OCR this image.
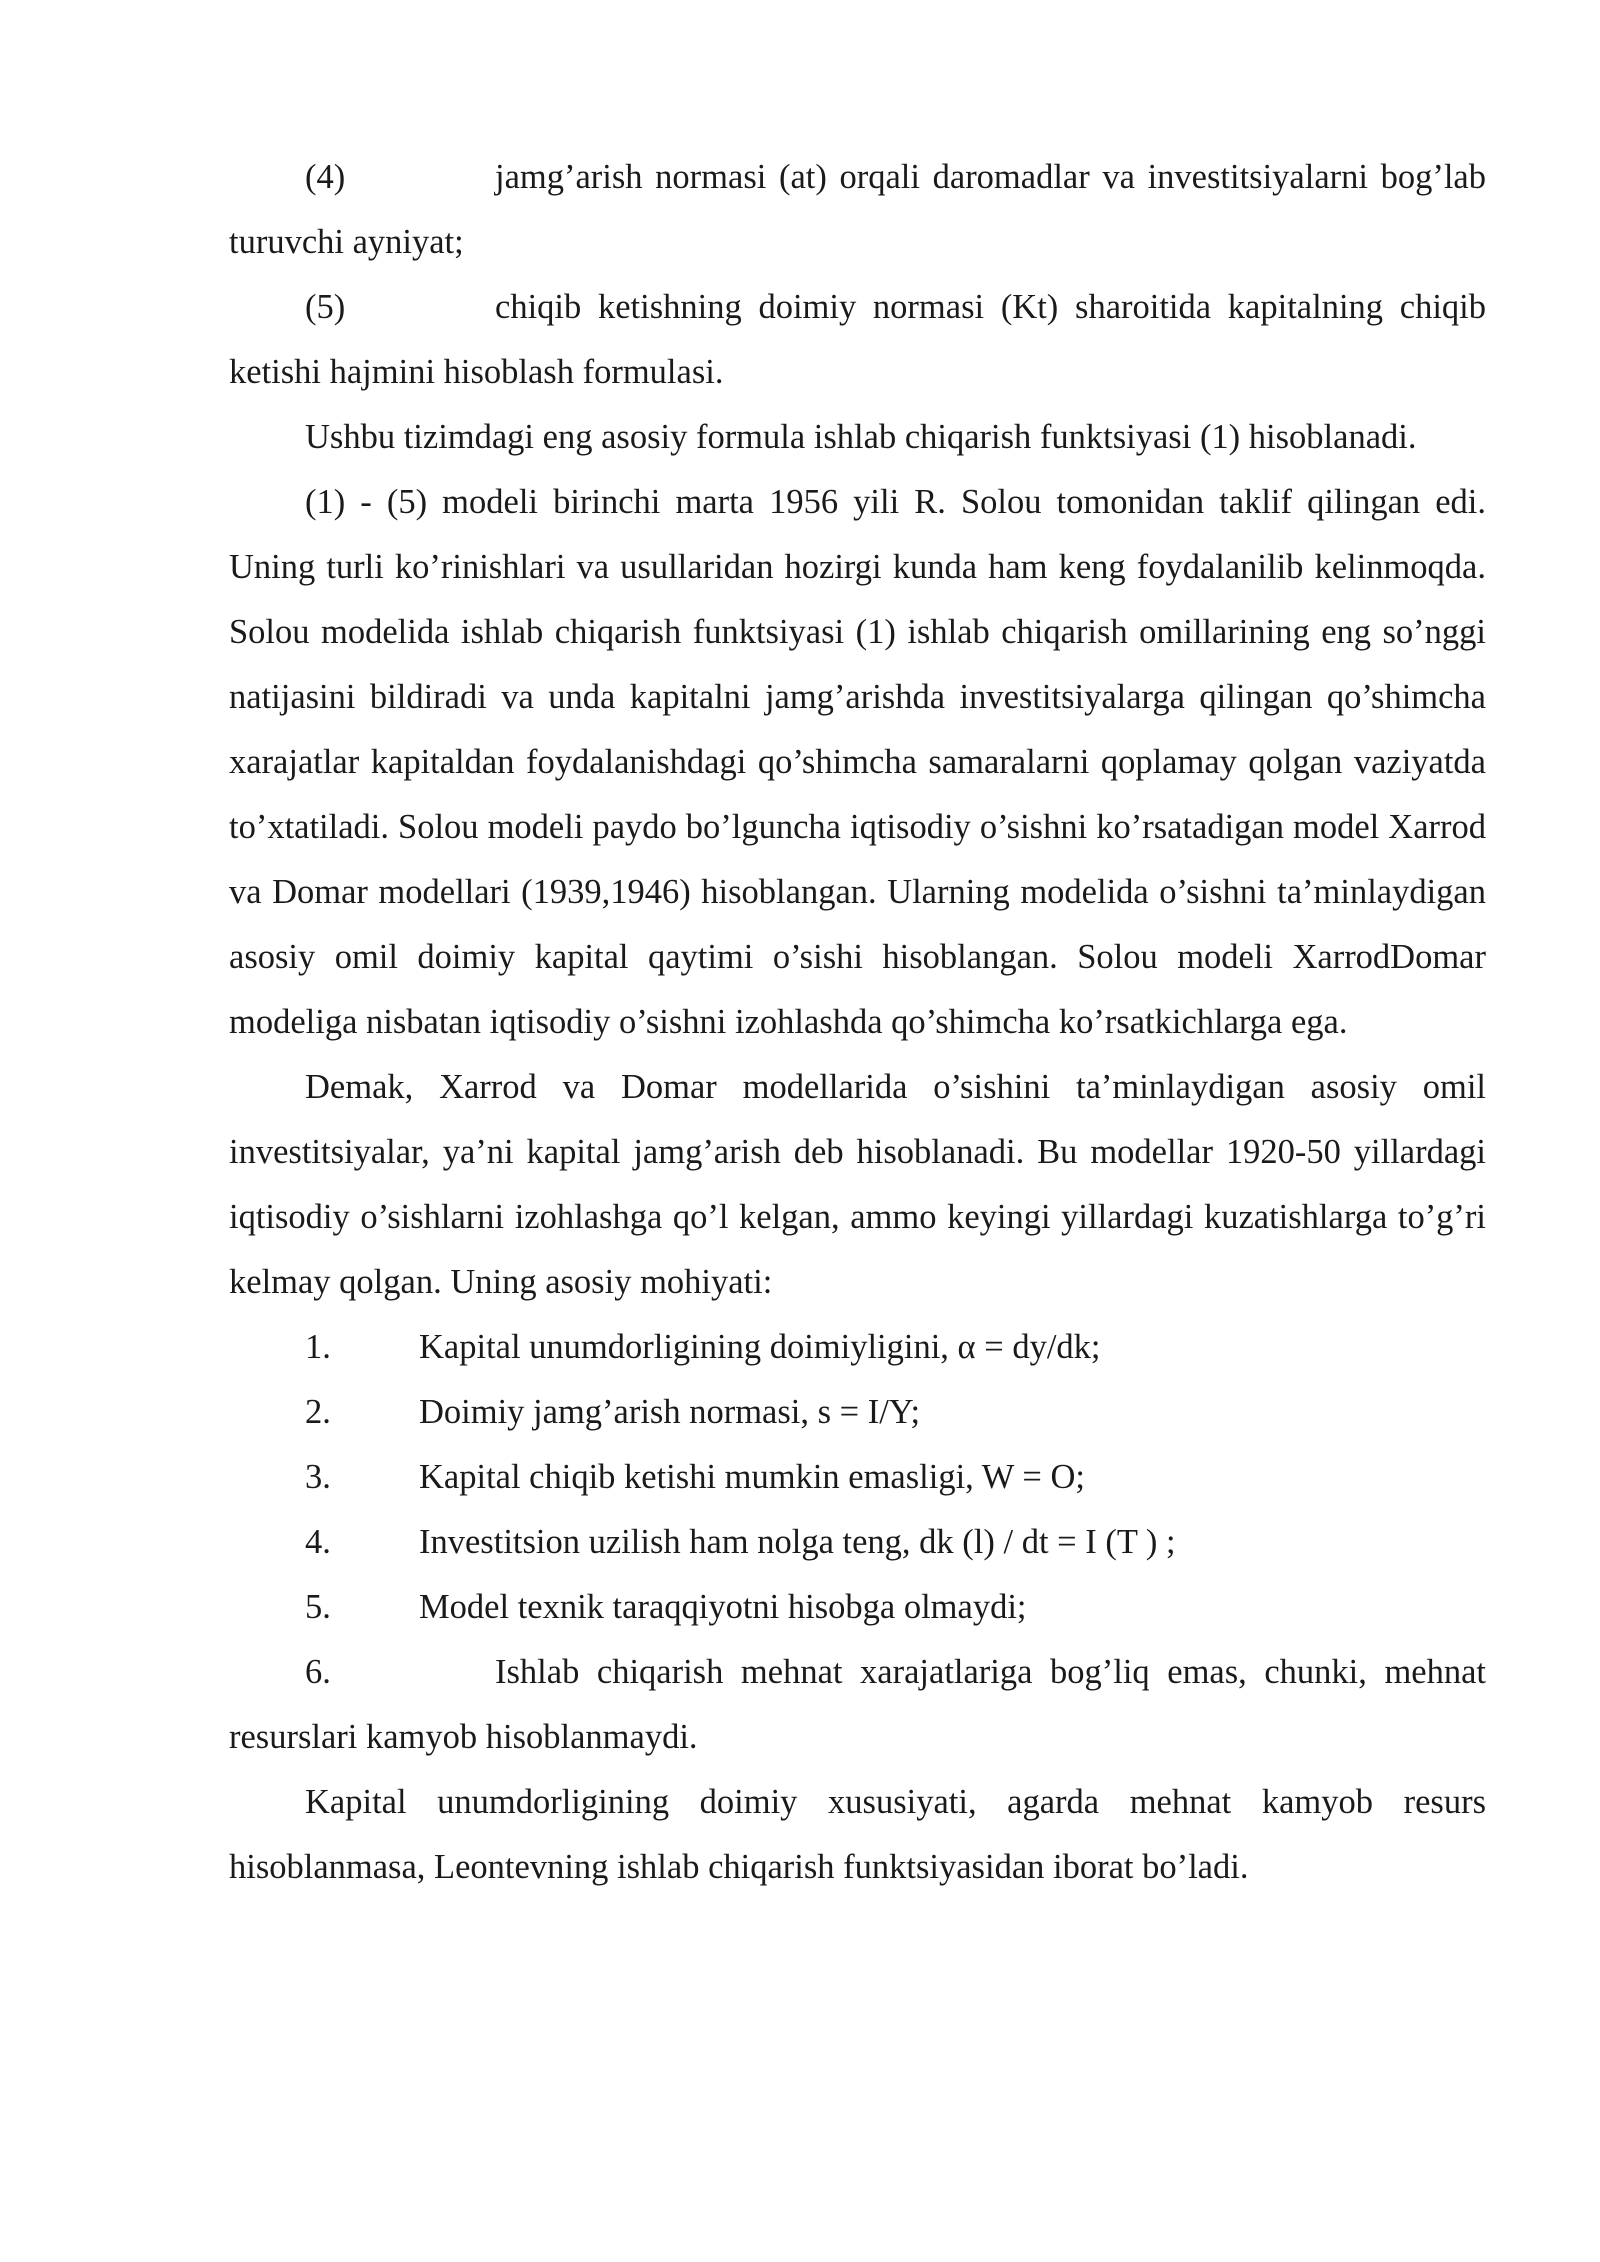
(4)	jamg’arish normasi (at) orqali daromadlar va investitsiyalarni bog’lab turuvchi ayniyat;

(5)	chiqib ketishning doimiy normasi (Kt) sharoitida kapitalning chiqib ketishi hajmini hisoblash formulasi.

Ushbu tizimdagi eng asosiy formula ishlab chiqarish funktsiyasi (1) hisoblanadi.

(1) - (5) modeli birinchi marta 1956 yili R. Solou tomonidan taklif qilingan edi. Uning turli ko’rinishlari va usullaridan hozirgi kunda ham keng foydalanilib kelinmoqda. Solou modelida ishlab chiqarish funktsiyasi (1) ishlab chiqarish omillarining eng so’nggi natijasini bildiradi va unda kapitalni jamg’arishda investitsiyalarga qilingan qo’shimcha xarajatlar kapitaldan foydalanishdagi qo’shimcha samaralarni qoplamay qolgan vaziyatda to’xtatiladi. Solou modeli paydo bo’lguncha iqtisodiy o’sishni ko’rsatadigan model Xarrod va Domar modellari (1939,1946) hisoblangan. Ularning modelida o’sishni ta’minlaydigan asosiy omil doimiy kapital qaytimi o’sishi hisoblangan. Solou modeli XarrodDomar modeliga nisbatan iqtisodiy o’sishni izohlashda qo’shimcha ko’rsatkichlarga ega.

Demak, Xarrod va Domar modellarida o’sishini ta’minlaydigan asosiy omil investitsiyalar, ya’ni kapital jamg’arish deb hisoblanadi. Bu modellar 1920-50 yillardagi iqtisodiy o’sishlarni izohlashga qo’l kelgan, ammo keyingi yillardagi kuzatishlarga to’g’ri kelmay qolgan. Uning asosiy mohiyati:

1.	Kapital unumdorligining doimiyligini, α = dy/dk;
2.	Doimiy jamg’arish normasi, s = I/Y;
3.	Kapital chiqib ketishi mumkin emasligi, W = O;
4.	Investitsion uzilish ham nolga teng, dk (l) / dt = I (T ) ;
5.	Model texnik taraqqiyotni hisobga olmaydi;

6.	Ishlab chiqarish mehnat xarajatlariga bog’liq emas, chunki, mehnat resurslari kamyob hisoblanmaydi.

Kapital unumdorligining doimiy xususiyati, agarda mehnat kamyob resurs hisoblanmasa, Leontevning ishlab chiqarish funktsiyasidan iborat bo’ladi.
